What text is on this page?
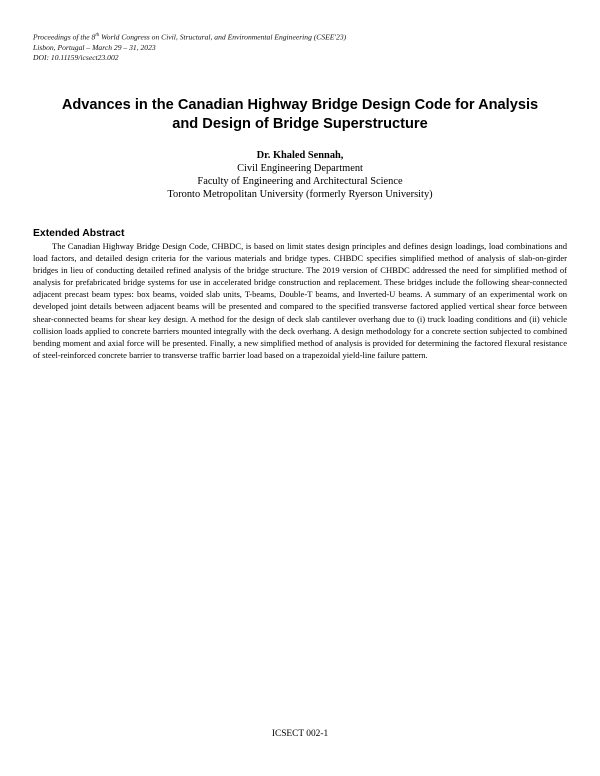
Proceedings of the 8th World Congress on Civil, Structural, and Environmental Engineering (CSEE'23)
Lisbon, Portugal – March 29 – 31, 2023
DOI: 10.11159/icsect23.002
Advances in the Canadian Highway Bridge Design Code for Analysis
and Design of Bridge Superstructure
Dr. Khaled Sennah,
Civil Engineering Department
Faculty of Engineering and Architectural Science
Toronto Metropolitan University (formerly Ryerson University)
Extended Abstract

The Canadian Highway Bridge Design Code, CHBDC, is based on limit states design principles and defines design loadings, load combinations and load factors, and detailed design criteria for the various materials and bridge types. CHBDC specifies simplified method of analysis of slab-on-girder bridges in lieu of conducting detailed refined analysis of the bridge structure. The 2019 version of CHBDC addressed the need for simplified method of analysis for prefabricated bridge systems for use in accelerated bridge construction and replacement. These bridges include the following shear-connected adjacent precast beam types: box beams, voided slab units, T-beams, Double-T beams, and Inverted-U beams. A summary of an experimental work on developed joint details between adjacent beams will be presented and compared to the specified transverse factored applied vertical shear force between shear-connected beams for shear key design. A method for the design of deck slab cantilever overhang due to (i) truck loading conditions and (ii) vehicle collision loads applied to concrete barriers mounted integrally with the deck overhang. A design methodology for a concrete section subjected to combined bending moment and axial force will be presented. Finally, a new simplified method of analysis is provided for determining the factored flexural resistance of steel-reinforced concrete barrier to transverse traffic barrier load based on a trapezoidal yield-line failure pattern.

ICSECT 002-1
